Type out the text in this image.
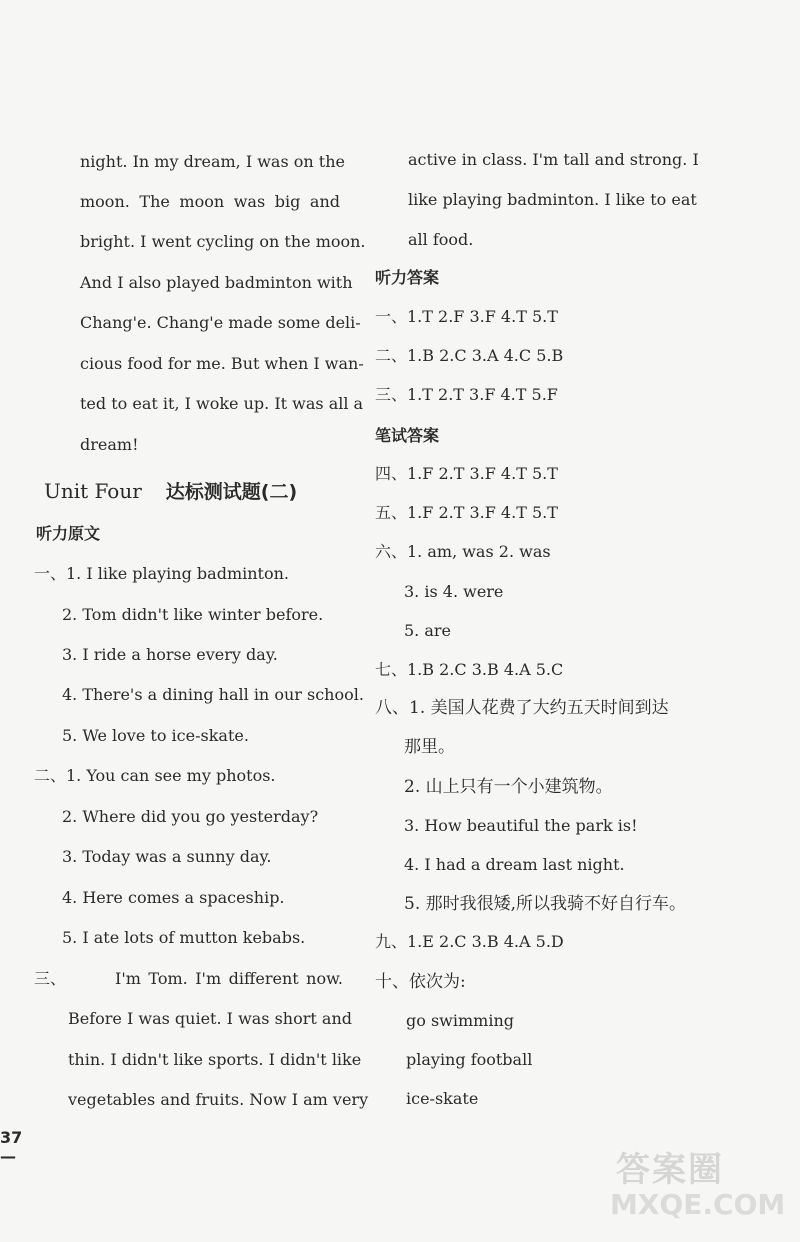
night. In my dream, I was on the
moon. The moon was big and
bright. I went cycling on the moon.
And I also played badminton with
Chang'e. Chang'e made some deli-
cious food for me. But when I wan-
ted to eat it, I woke up. It was all a
dream!
Unit Four 达标测试题(二)
听力原文
一、1. I like playing badminton.
2. Tom didn't like winter before.
3. I ride a horse every day.
4. There's a dining hall in our school.
5. We love to ice-skate.
二、1. You can see my photos.
2. Where did you go yesterday?
3. Today was a sunny day.
4. Here comes a spaceship.
5. I ate lots of mutton kebabs.
三、	I'm Tom. I'm different now.
Before I was quiet. I was short and
thin. I didn't like sports. I didn't like
vegetables and fruits. Now I am very
37 —
active in class. I'm tall and strong. I
like playing badminton. I like to eat
all food.
听力答案
一、1.T 2.F 3.F 4.T 5.T
二、1.B 2.C 3.A 4.C 5.B
三、1.T 2.T 3.F 4.T 5.F
笔试答案
四、1.F 2.T 3.F 4.T 5.T
五、1.F 2.T 3.F 4.T 5.T
六、1. am, was 2. was
3. is 4. were
5. are
七、1.B 2.C 3.B 4.A 5.C
八、1. 美国人花费了大约五天时间到达
那里。
2. 山上只有一个小建筑物。
3. How beautiful the park is!
4. I had a dream last night.
5. 那时我很矮,所以我骑不好自行车。
九、1.E 2.C 3.B 4.A 5.D
十、依次为:
go swimming
playing football
ice-skate
答案圈
MXQE.COM
